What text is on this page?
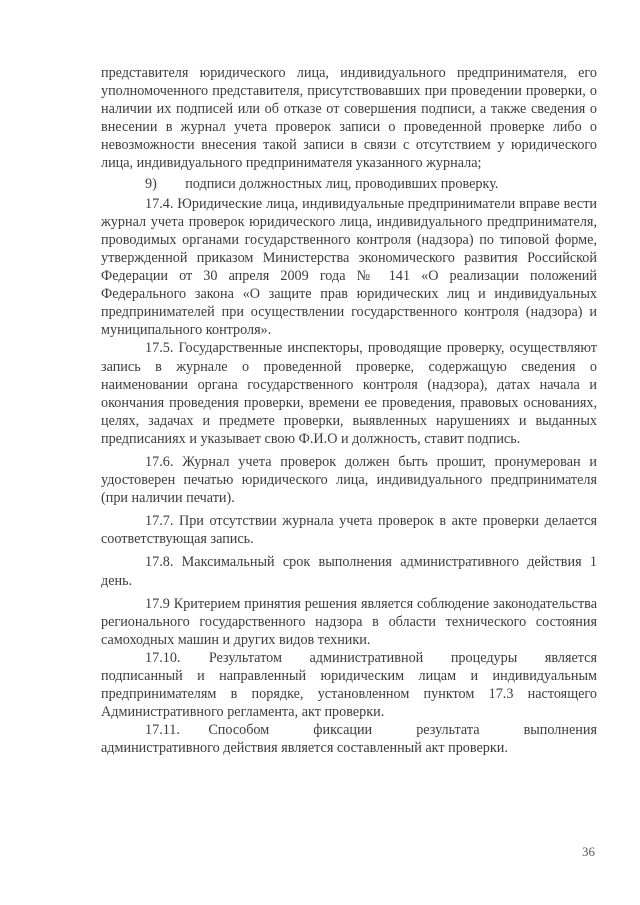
представителя юридического лица, индивидуального предпринимателя, его уполномоченного представителя, присутствовавших при проведении проверки, о наличии их подписей или об отказе от совершения подписи, а также сведения о внесении в журнал учета проверок записи о проведенной проверке либо о невозможности внесения такой записи в связи с отсутствием у юридического лица, индивидуального предпринимателя указанного журнала;

9)  подписи должностных лиц, проводивших проверку.

17.4. Юридические лица, индивидуальные предприниматели вправе вести журнал учета проверок юридического лица, индивидуального предпринимателя, проводимых органами государственного контроля (надзора) по типовой форме, утвержденной приказом Министерства экономического развития Российской Федерации от 30 апреля 2009 года № 141 «О реализации положений Федерального закона «О защите прав юридических лиц и индивидуальных предпринимателей при осуществлении государственного контроля (надзора) и муниципального контроля».

17.5. Государственные инспекторы, проводящие проверку, осуществляют запись в журнале о проведенной проверке, содержащую сведения о наименовании органа государственного контроля (надзора), датах начала и окончания проведения проверки, времени ее проведения, правовых основаниях, целях, задачах и предмете проверки, выявленных нарушениях и выданных предписаниях и указывает свою Ф.И.О и должность, ставит подпись.

17.6. Журнал учета проверок должен быть прошит, пронумерован и удостоверен печатью юридического лица, индивидуального предпринимателя (при наличии печати).

17.7. При отсутствии журнала учета проверок в акте проверки делается соответствующая запись.

17.8. Максимальный срок выполнения административного действия 1 день.

17.9 Критерием принятия решения является соблюдение законодательства регионального государственного надзора в области технического состояния самоходных машин и других видов техники.

17.10.  Результатом административной процедуры является подписанный и направленный юридическим лицам и индивидуальным предпринимателям в порядке, установленном пунктом 17.3 настоящего Административного регламента, акт проверки.

17.11.  Способом фиксации результата выполнения административного действия является составленный акт проверки.

36
